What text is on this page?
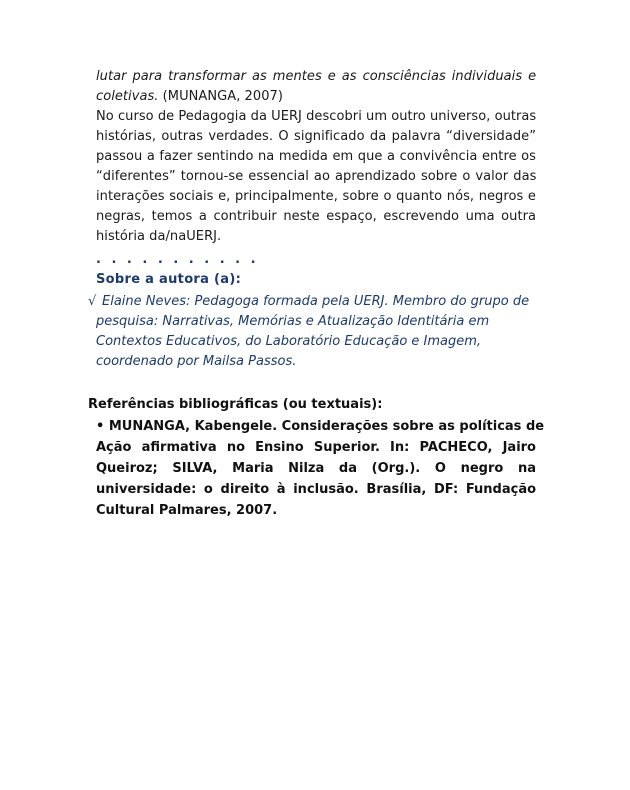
lutar para transformar as mentes e as consciências individuais e
coletivas. (MUNANGA, 2007)
No curso de Pedagogia da UERJ descobri um outro universo, outras
histórias, outras verdades. O significado da palavra “diversidade”
passou a fazer sentindo na medida em que a convivência entre os
“diferentes” tornou-se essencial ao aprendizado sobre o valor das
interações sociais e, principalmente, sobre o quanto nós, negros e
negras, temos a contribuir neste espaço, escrevendo uma outra
história da/naUERJ.
. . . . . . . . . . .
Sobre a autora (a):
√ Elaine Neves: Pedagoga formada pela UERJ. Membro do grupo de
pesquisa: Narrativas, Memórias e Atualização Identitária em
Contextos Educativos, do Laboratório Educação e Imagem,
coordenado por Mailsa Passos.
Referências bibliográficas (ou textuais):
• MUNANGA, Kabengele. Considerações sobre as políticas de
Ação afirmativa no Ensino Superior. In: PACHECO, Jairo
Queiroz; SILVA, Maria Nilza da (Org.). O negro na
universidade: o direito à inclusão. Brasília, DF: Fundação
Cultural Palmares, 2007.
